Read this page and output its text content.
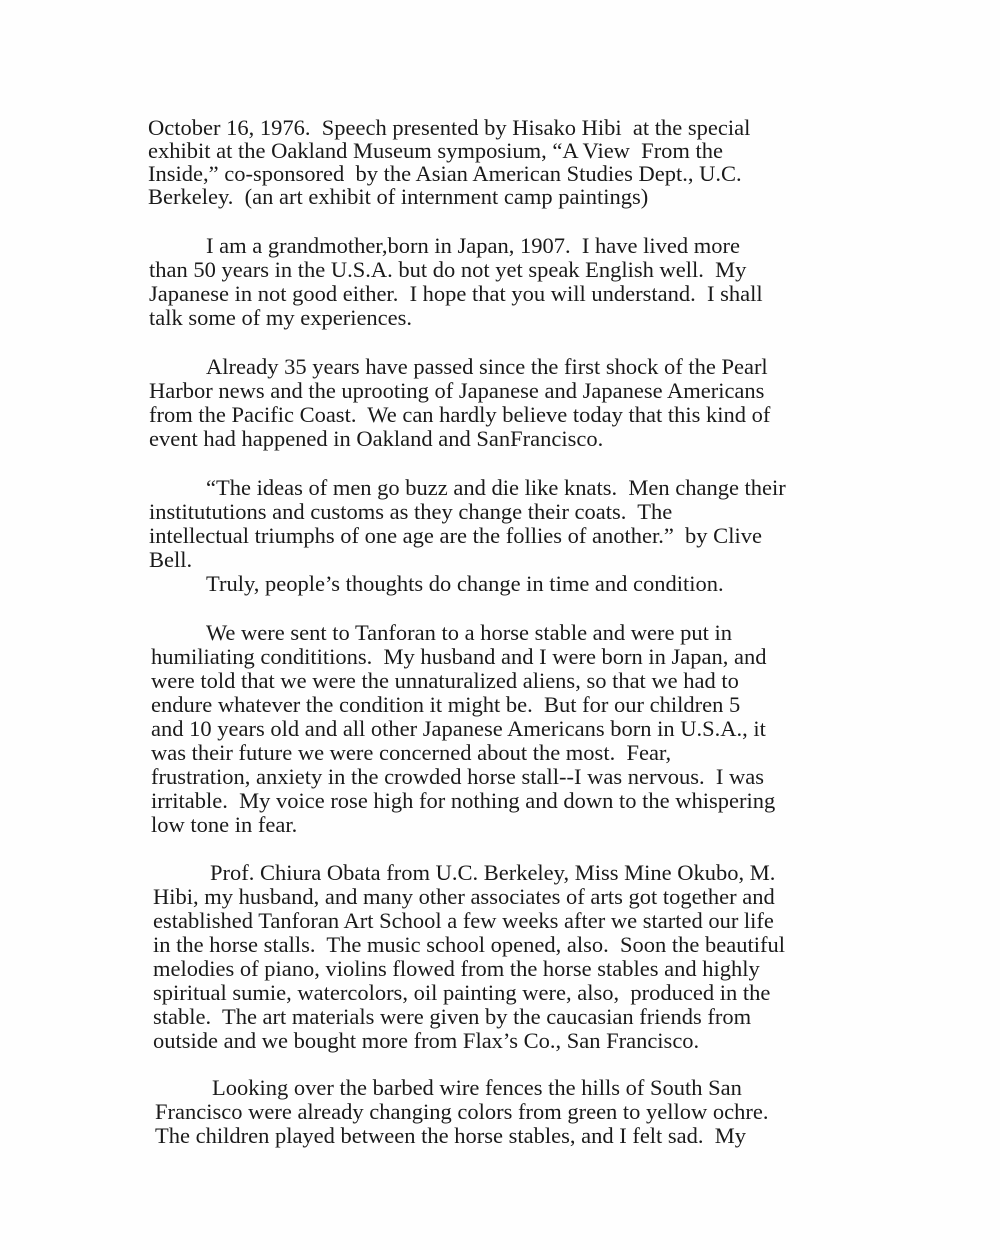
October 16, 1976.  Speech presented by Hisako Hibi  at the special
exhibit at the Oakland Museum symposium, “A View  From the
Inside,” co-sponsored  by the Asian American Studies Dept., U.C.
Berkeley.  (an art exhibit of internment camp paintings)
I am a grandmother,born in Japan, 1907.  I have lived more
than 50 years in the U.S.A. but do not yet speak English well.  My
Japanese in not good either.  I hope that you will understand.  I shall
talk some of my experiences.
Already 35 years have passed since the first shock of the Pearl
Harbor news and the uprooting of Japanese and Japanese Americans
from the Pacific Coast.  We can hardly believe today that this kind of
event had happened in Oakland and SanFrancisco.
“The ideas of men go buzz and die like knats.  Men change their
institututions and customs as they change their coats.  The
intellectual triumphs of one age are the follies of another.”  by Clive
Bell.
Truly, people’s thoughts do change in time and condition.
We were sent to Tanforan to a horse stable and were put in
humiliating condititions.  My husband and I were born in Japan, and
were told that we were the unnaturalized aliens, so that we had to
endure whatever the condition it might be.  But for our children 5
and 10 years old and all other Japanese Americans born in U.S.A., it
was their future we were concerned about the most.  Fear,
frustration, anxiety in the crowded horse stall--I was nervous.  I was
irritable.  My voice rose high for nothing and down to the whispering
low tone in fear.
Prof. Chiura Obata from U.C. Berkeley, Miss Mine Okubo, M.
Hibi, my husband, and many other associates of arts got together and
established Tanforan Art School a few weeks after we started our life
in the horse stalls.  The music school opened, also.  Soon the beautiful
melodies of piano, violins flowed from the horse stables and highly
spiritual sumie, watercolors, oil painting were, also,  produced in the
stable.  The art materials were given by the caucasian friends from
outside and we bought more from Flax’s Co., San Francisco.
Looking over the barbed wire fences the hills of South San
Francisco were already changing colors from green to yellow ochre.
The children played between the horse stables, and I felt sad.  My
